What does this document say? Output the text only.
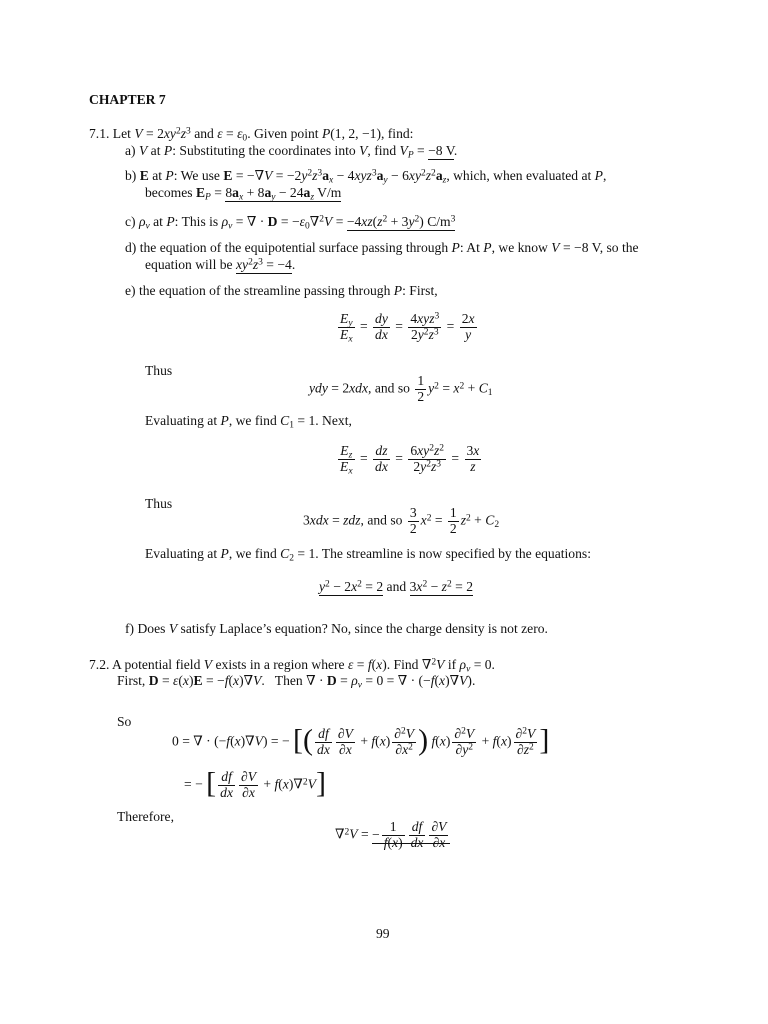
CHAPTER 7
7.1. Let $V = 2xy^2z^3$ and $\varepsilon = \varepsilon_0$. Given point P(1, 2, −1), find:
a) V at P: Substituting the coordinates into V, find $V_P = -8$ V.
b) E at P: We use $E = -\nabla V = -2y^2z^3a_x - 4xyz^3a_y - 6xy^2z^2a_z$, which, when evaluated at P,
becomes $E_P = 8a_x + 8a_y - 24a_z$ V/m
c) $\rho_v$ at P: This is $\rho_v$ = ∇ · $D = -\varepsilon_0\nabla^2V = -4xz(z^2 + 3y^2)$ $C/m^3$
d) the equation of the equipotential surface passing through P: At P, we know V = −8 V, so the
equation will be $xy^2z^3 = -4$.
e) the equation of the streamline passing through P: First,
$\frac{E_y}{E_x} = \frac{dy}{dx} = \frac{4xyz^3}{2y^2z^3} = \frac{2x}{y}$
Thus
ydy = 2xdx, and so $\frac{1}{2} y^2 = x^2 + C_1$
Evaluating at P, we find $C_1 = 1$. Next,
$\frac{E_z}{E_x} = \frac{dz}{dx} = \frac{6xy^2z^2}{2y^2z^3} = \frac{3x}{z}$
Thus
3xdx = zdz, and so $\frac{3}{2} x^2 = \frac{1}{2} z^2 + C_2$
Evaluating at P, we find $C_2 = 1$. The streamline is now specified by the equations:
$y^2 - 2x^2 = 2$ and $3x^2 - z^2 = 2$
f) Does V satisfy Laplace’s equation? No, since the charge density is not zero.
7.2. A potential field V exists in a region where ε = f(x). Find ∇$^2$V if $\rho_v = 0$.
First, D = ε(x)E = −f(x)∇V.   Then ∇ · $D = \rho_v = 0$ = ∇ · (−f(x)∇V).
So
0 = ∇ · (−f(x)∇V) = − [( $\frac{df}{dx} \frac{\partial V}{\partial x} + f(x) \frac{\partial^2V}{\partial x^2}$ ) $f(x) \frac{\partial^2V}{\partial y^2} + f(x) \frac{\partial^2V}{\partial z^2}$ ]
= − [ $\frac{df}{dx} \frac{\partial V}{\partial x} + f(x)\nabla^2V$]
Therefore,
∇$^2$V = − $\frac{1}{f(x)} \frac{df}{dx} \frac{\partial V}{\partial x}$
99
